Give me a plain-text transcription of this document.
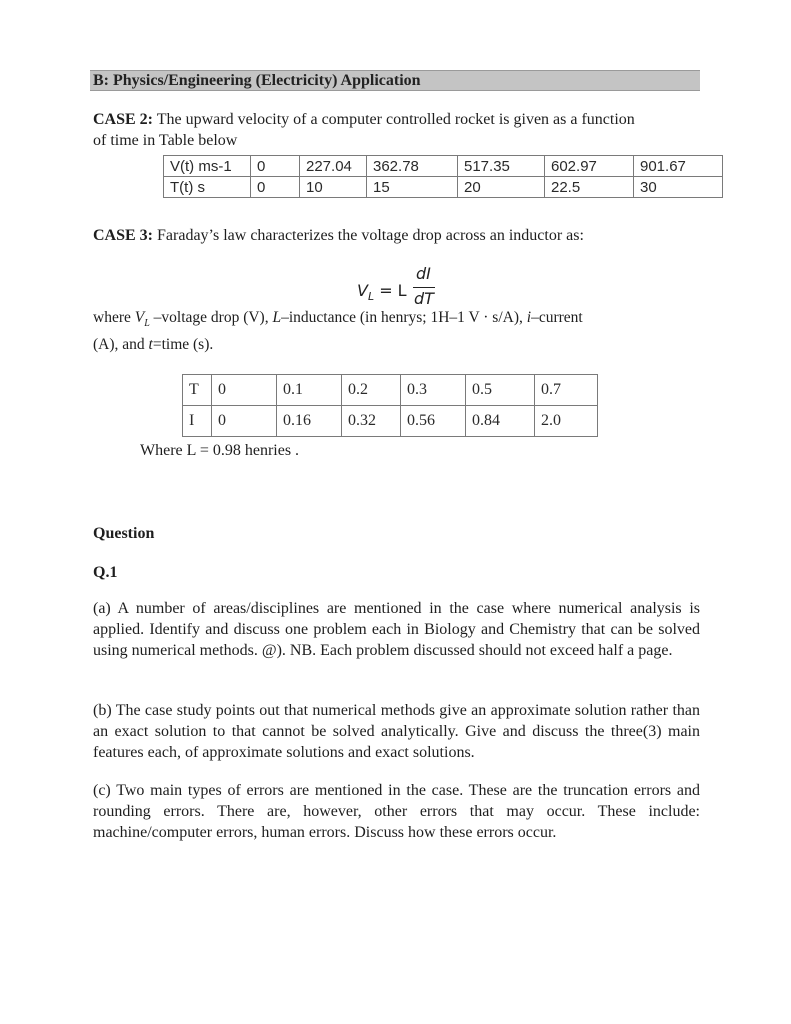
B: Physics/Engineering (Electricity) Application
CASE 2: The upward velocity of a computer controlled rocket is given as a function
of time in Table below
V(t) ms-1	0	227.04	362.78	517.35	602.97	901.67
T(t) s	0	10	15	20	22.5	30
CASE 3: Faraday’s law characterizes the voltage drop across an inductor as:
$V_L = L$
dI
dT
where $V_L$ –voltage drop (V), L–inductance (in henrys; 1H–1 V · s/A), i–current
(A), and t=time (s).
T	0	0.1	0.2	0.3	0.5	0.7
I	0	0.16	0.32	0.56	0.84	2.0
Where L = 0.98 henries .
Question
Q.1
(a) A number of areas/disciplines are mentioned in the case where numerical analysis is applied. Identify and discuss one problem each in Biology and Chemistry that can be solved using numerical methods. @). NB. Each problem discussed should not exceed half a page.
(b) The case study points out that numerical methods give an approximate solution rather than an exact solution to that cannot be solved analytically. Give and discuss the three(3) main features each, of approximate solutions and exact solutions.
(c) Two main types of errors are mentioned in the case. These are the truncation errors and rounding errors. There are, however, other errors that may occur. These include: machine/computer errors, human errors. Discuss how these errors occur.
